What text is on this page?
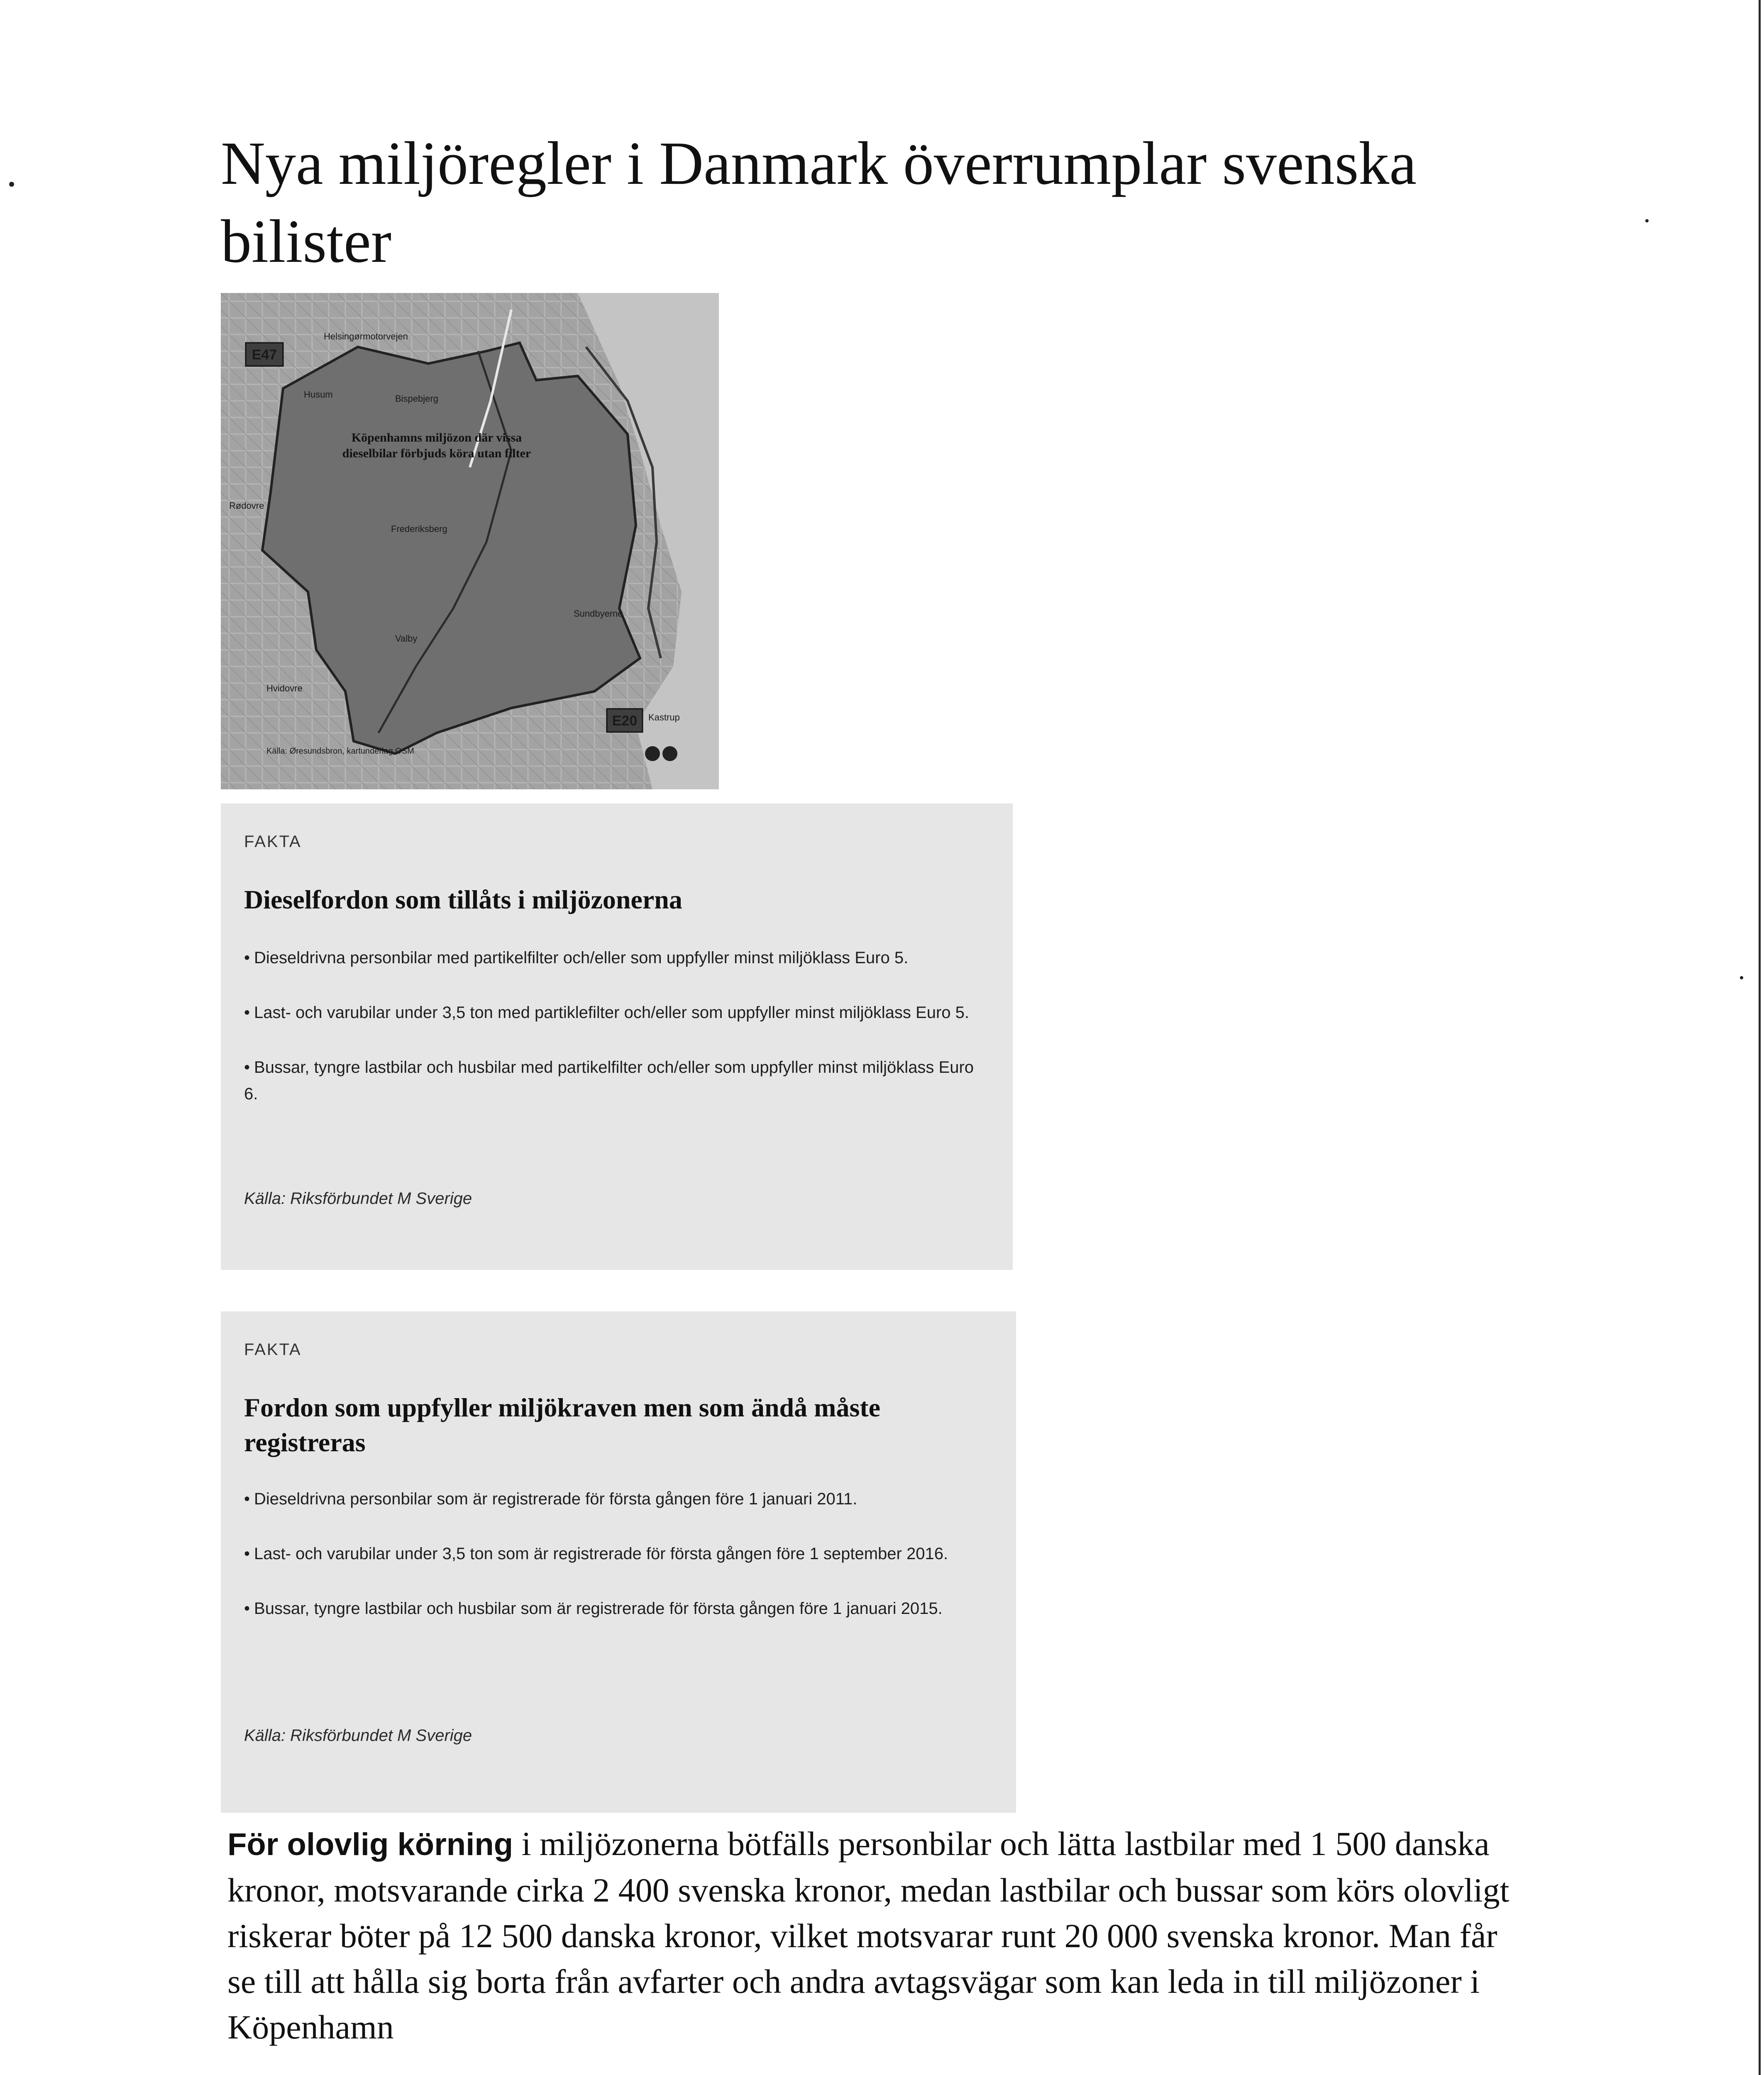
Nya miljöregler i Danmark överrumplar svenska bilister
E47
E20
Helsingørmotorvejen
Husum	Bispebjerg
Rødovre
Frederiksberg
Valby
Hvidovre
Sundbyerne
Kastrup
Köpenhamns miljözon där vissa dieselbilar förbjuds köra utan filter
Källa: Øresundsbron, kartunderlag OSM
FAKTA
Dieselfordon som tillåts i miljözonerna
• Dieseldrivna personbilar med partikelfilter och/eller som uppfyller minst miljöklass Euro 5.
• Last- och varubilar under 3,5 ton med partiklefilter och/eller som uppfyller minst miljöklass Euro 5.
• Bussar, tyngre lastbilar och husbilar med partikelfilter och/eller som uppfyller minst miljöklass Euro 6.
Källa: Riksförbundet M Sverige
FAKTA
Fordon som uppfyller miljökraven men som ändå måste registreras
• Dieseldrivna personbilar som är registrerade för första gången före 1 januari 2011.
• Last- och varubilar under 3,5 ton som är registrerade för första gången före 1 september 2016.
• Bussar, tyngre lastbilar och husbilar som är registrerade för första gången före 1 januari 2015.
Källa: Riksförbundet M Sverige

För olovlig körning i miljözonerna bötfälls personbilar och lätta lastbilar med 1 500 danska kronor, motsvarande cirka 2 400 svenska kronor, medan lastbilar och bussar som körs olovligt riskerar böter på 12 500 danska kronor, vilket motsvarar runt 20 000 svenska kronor. Man får se till att hålla sig borta från avfarter och andra avtagsvägar som kan leda in till miljözoner i Köpenhamn
